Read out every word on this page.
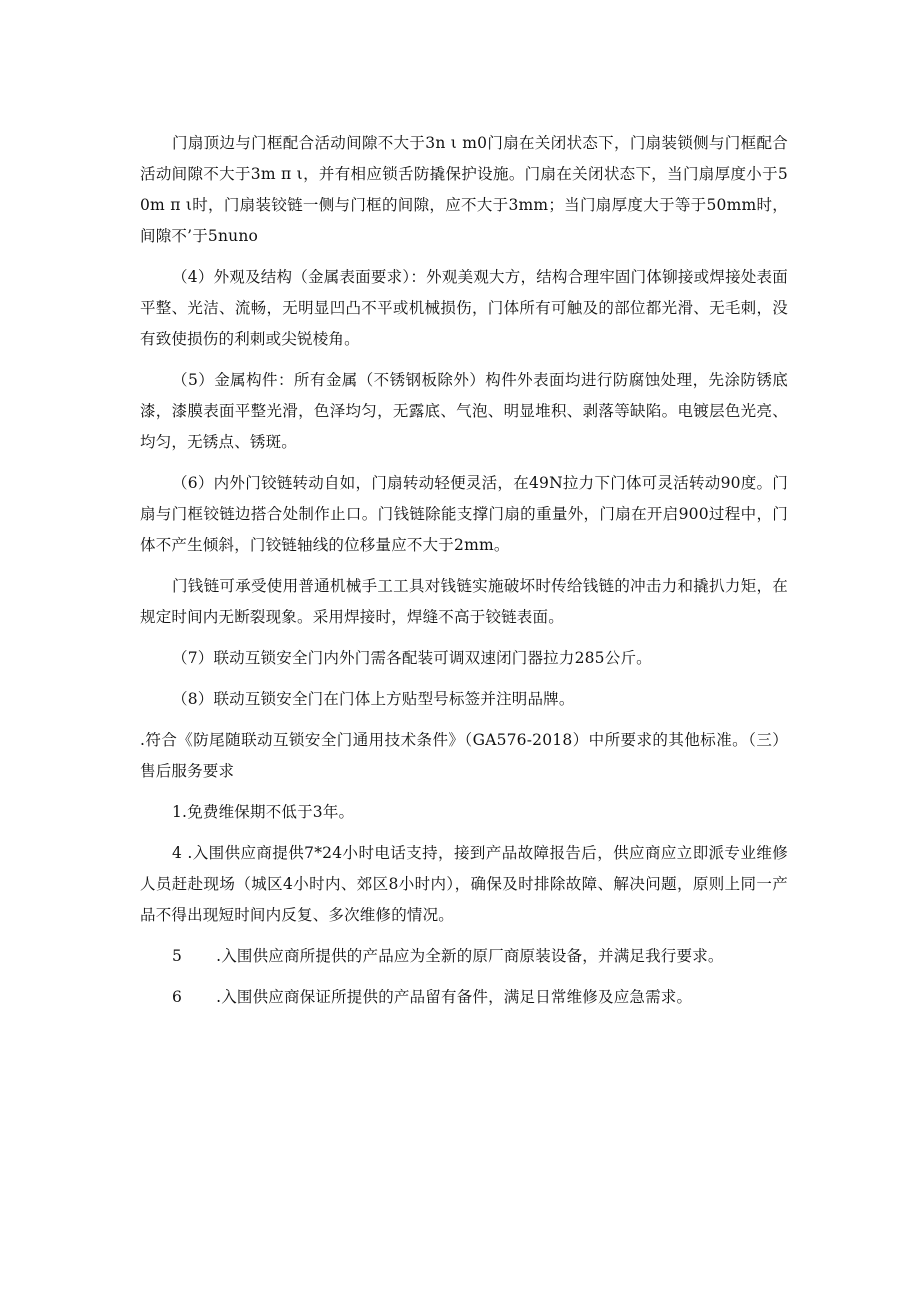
门扇顶边与门框配合活动间隙不大于3n ι m0门扇在关闭状态下，门扇装锁侧与门框配合活动间隙不大于3m π ι，并有相应锁舌防撬保护设施。门扇在关闭状态下，当门扇厚度小于50m π ι时，门扇装铰链一侧与门框的间隙，应不大于3mm；当门扇厚度大于等于50mm时，间隙不’于5nuno

（4）外观及结构（金属表面要求）：外观美观大方，结构合理牢固门体铆接或焊接处表面平整、光洁、流畅，无明显凹凸不平或机械损伤，门体所有可触及的部位都光滑、无毛刺，没有致使损伤的利刺或尖锐棱角。

（5）金属构件：所有金属（不锈钢板除外）构件外表面均进行防腐蚀处理，先涂防锈底漆，漆膜表面平整光滑，色泽均匀，无露底、气泡、明显堆积、剥落等缺陷。电镀层色光亮、均匀，无锈点、锈斑。

（6）内外门铰链转动自如，门扇转动轻便灵活，在49N拉力下门体可灵活转动90度。门扇与门框铰链边搭合处制作止口。门钱链除能支撑门扇的重量外，门扇在开启900过程中，门体不产生倾斜，门铰链轴线的位移量应不大于2mm。

门钱链可承受使用普通机械手工工具对钱链实施破坏时传给钱链的冲击力和撬扒力矩，在规定时间内无断裂现象。采用焊接时，焊缝不高于铰链表面。

（7）联动互锁安全门内外门需各配装可调双速闭门器拉力285公斤。

（8）联动互锁安全门在门体上方贴型号标签并注明品牌。

.符合《防尾随联动互锁安全门通用技术条件》（GA576-2018）中所要求的其他标准。（三）售后服务要求

1.免费维保期不低于3年。

4 .入围供应商提供7*24小时电话支持，接到产品故障报告后，供应商应立即派专业维修人员赶赴现场（城区4小时内、郊区8小时内），确保及时排除故障、解决问题，原则上同一产品不得出现短时间内反复、多次维修的情况。

5 .入围供应商所提供的产品应为全新的原厂商原装设备，并满足我行要求。

6 .入围供应商保证所提供的产品留有备件，满足日常维修及应急需求。
